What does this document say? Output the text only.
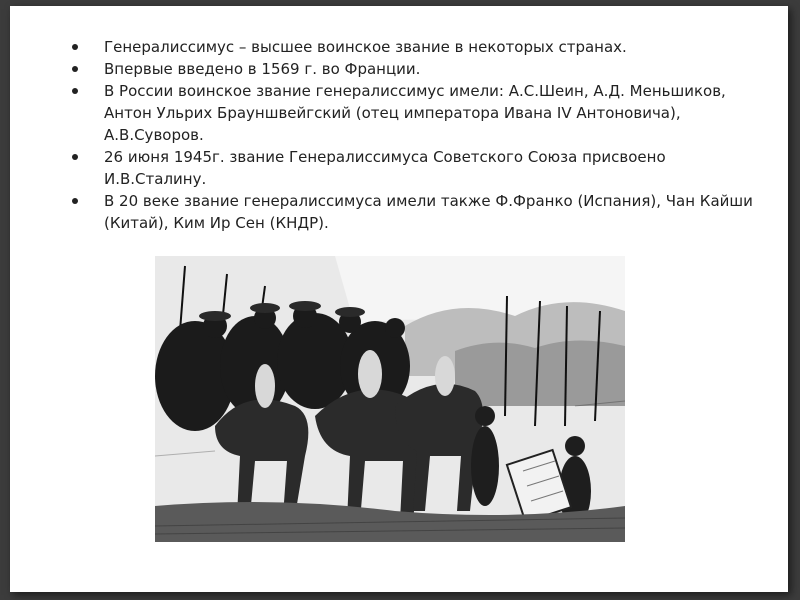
Генералиссимус – высшее воинское звание в некоторых странах.
Впервые введено в 1569 г. во Франции.
В России воинское звание генералиссимус имели: А.С.Шеин, А.Д. Меньшиков, Антон Ульрих Брауншвейгский (отец императора Ивана IV Антоновича), А.В.Суворов.
26 июня 1945г. звание Генералиссимуса Советского Союза присвоено И.В.Сталину.
В 20 веке звание генералиссимуса имели также Ф.Франко (Испания), Чан Кайши (Китай), Ким Ир Сен (КНДР).
